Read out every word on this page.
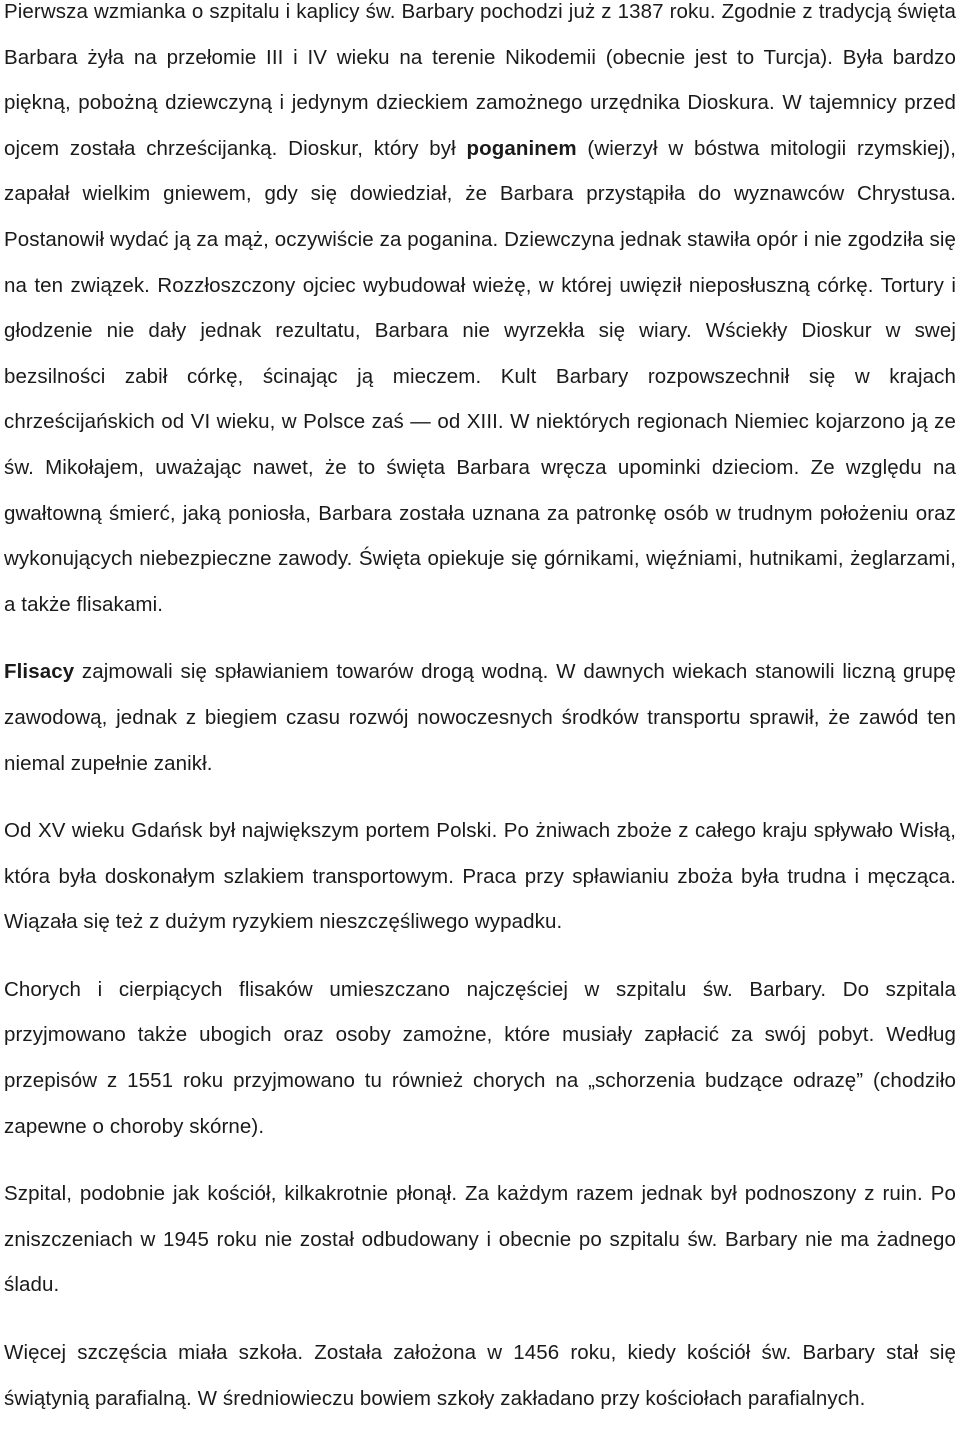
Pierwsza wzmianka o szpitalu i kaplicy św. Barbary pochodzi już z 1387 roku. Zgodnie z tradycją święta Barbara żyła na przełomie III i IV wieku na terenie Nikodemii (obecnie jest to Turcja). Była bardzo piękną, pobożną dziewczyną i jedynym dzieckiem zamożnego urzędnika Dioskura. W tajemnicy przed ojcem została chrześcijanką. Dioskur, który był poganinem (wierzył w bóstwa mitologii rzymskiej), zapałał wielkim gniewem, gdy się dowiedział, że Barbara przystąpiła do wyznawców Chrystusa. Postanowił wydać ją za mąż, oczywiście za poganina. Dziewczyna jednak stawiła opór i nie zgodziła się na ten związek. Rozzłoszczony ojciec wybudował wieżę, w której uwięził nieposłuszną córkę. Tortury i głodzenie nie dały jednak rezultatu, Barbara nie wyrzekła się wiary. Wściekły Dioskur w swej bezsilności zabił córkę, ścinając ją mieczem. Kult Barbary rozpowszechnił się w krajach chrześcijańskich od VI wieku, w Polsce zaś — od XIII. W niektórych regionach Niemiec kojarzono ją ze św. Mikołajem, uważając nawet, że to święta Barbara wręcza upominki dzieciom. Ze względu na gwałtowną śmierć, jaką poniosła, Barbara została uznana za patronkę osób w trudnym położeniu oraz wykonujących niebezpieczne zawody. Święta opiekuje się górnikami, więźniami, hutnikami, żeglarzami, a także flisakami.

Flisacy zajmowali się spławianiem towarów drogą wodną. W dawnych wiekach stanowili liczną grupę zawodową, jednak z biegiem czasu rozwój nowoczesnych środków transportu sprawił, że zawód ten niemal zupełnie zanikł.

Od XV wieku Gdańsk był największym portem Polski. Po żniwach zboże z całego kraju spływało Wisłą, która była doskonałym szlakiem transportowym. Praca przy spławianiu zboża była trudna i męcząca. Wiązała się też z dużym ryzykiem nieszczęśliwego wypadku.

Chorych i cierpiących flisaków umieszczano najczęściej w szpitalu św. Barbary. Do szpitala przyjmowano także ubogich oraz osoby zamożne, które musiały zapłacić za swój pobyt. Według przepisów z 1551 roku przyjmowano tu również chorych na „schorzenia budzące odrazę” (chodziło zapewne o choroby skórne).

Szpital, podobnie jak kościół, kilkakrotnie płonął. Za każdym razem jednak był podnoszony z ruin. Po zniszczeniach w 1945 roku nie został odbudowany i obecnie po szpitalu św. Barbary nie ma żadnego śladu.

Więcej szczęścia miała szkoła. Została założona w 1456 roku, kiedy kościół św. Barbary stał się świątynią parafialną. W średniowieczu bowiem szkoły zakładano przy kościołach parafialnych.
